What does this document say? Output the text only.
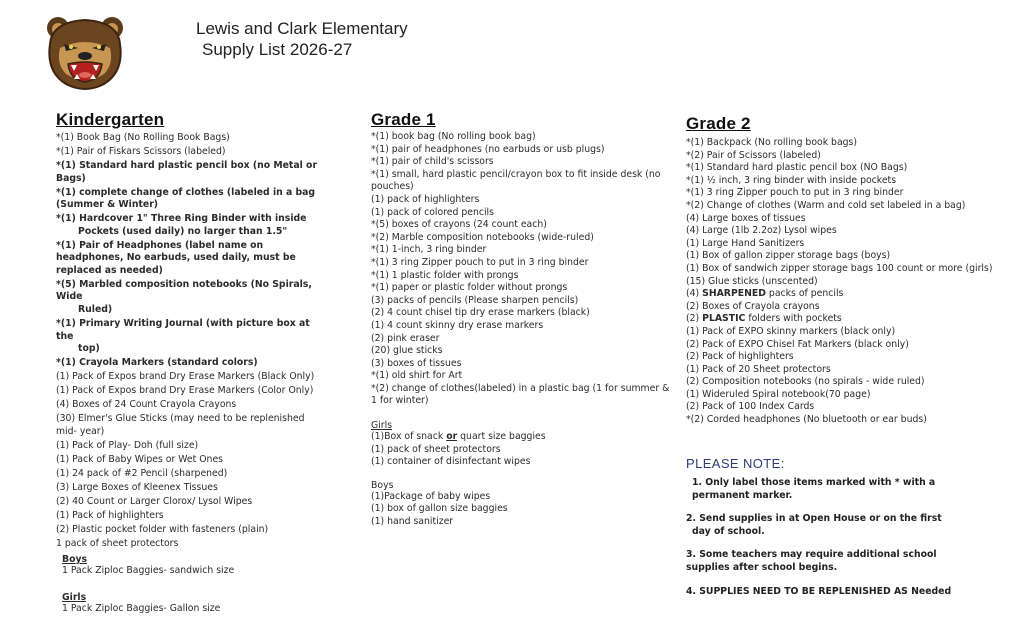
Lewis and Clark Elementary
Supply List 2026-27
Kindergarten
*(1) Book Bag (No Rolling Book Bags)
*(1) Pair of Fiskars Scissors (labeled)
*(1) Standard hard plastic pencil box (no Metal or Bags)
*(1) complete change of clothes (labeled in a bag (Summer & Winter)
*(1) Hardcover 1" Three Ring Binder with inside
Pockets (used daily) no larger than 1.5"
*(1) Pair of Headphones (label name on headphones, No earbuds, used daily, must be replaced as needed)
*(5) Marbled composition notebooks (No Spirals, Wide
Ruled)
*(1) Primary Writing Journal (with picture box at the
top)
*(1) Crayola Markers (standard colors)
(1) Pack of Expos brand Dry Erase Markers (Black Only)
(1) Pack of Expos brand Dry Erase Markers (Color Only)
(4) Boxes of 24 Count Crayola Crayons
(30) Elmer's Glue Sticks (may need to be replenished mid- year)
(1) Pack of Play- Doh (full size)
(1) Pack of Baby Wipes or Wet Ones
(1) 24 pack of #2 Pencil (sharpened)
(3) Large Boxes of Kleenex Tissues
(2) 40 Count or Larger Clorox/ Lysol Wipes
(1) Pack of highlighters
(2) Plastic pocket folder with fasteners (plain)
1 pack of sheet protectors
Boys
1 Pack Ziploc Baggies- sandwich size
Girls
1 Pack Ziploc Baggies- Gallon size
Grade 1
*(1) book bag (No rolling book bag)
*(1) pair of headphones (no earbuds or usb plugs)
*(1) pair of child's scissors
*(1) small, hard plastic pencil/crayon box to fit inside desk (no pouches)
(1) pack of highlighters
(1) pack of colored pencils
*(5) boxes of crayons (24 count each)
*(2) Marble composition notebooks (wide-ruled)
*(1) 1-inch, 3 ring binder
*(1) 3 ring Zipper pouch to put in 3 ring binder
*(1) 1 plastic folder with prongs
*(1) paper or plastic folder without prongs
(3) packs of pencils (Please sharpen pencils)
(2) 4 count chisel tip dry erase markers (black)
(1) 4 count skinny dry erase markers
(2) pink eraser
(20) glue sticks
(3) boxes of tissues
*(1) old shirt for Art
*(2) change of clothes(labeled) in a plastic bag (1 for summer & 1 for winter)
Girls
(1)Box of snack or quart size baggies
(1) pack of sheet protectors
(1) container of disinfectant wipes
Boys
(1)Package of baby wipes
(1) box of gallon size baggies
(1) hand sanitizer
Grade 2
*(1) Backpack (No rolling book bags)
*(2) Pair of Scissors (labeled)
*(1) Standard hard plastic pencil box (NO Bags)
*(1) ½ inch, 3 ring binder with inside pockets
*(1) 3 ring Zipper pouch to put in 3 ring binder
*(2) Change of clothes (Warm and cold set labeled in a bag)
(4) Large boxes of tissues
(4) Large (1lb 2.2oz) Lysol wipes
(1) Large Hand Sanitizers
(1) Box of gallon zipper storage bags (boys)
(1) Box of sandwich zipper storage bags 100 count or more (girls)
(15) Glue sticks (unscented)
(4) SHARPENED packs of pencils
(2) Boxes of Crayola crayons
(2) PLASTIC folders with pockets
(1) Pack of EXPO skinny markers (black only)
(2) Pack of EXPO Chisel Fat Markers (black only)
(2) Pack of highlighters
(1) Pack of 20 Sheet protectors
(2) Composition notebooks (no spirals - wide ruled)
(1) Wideruled Spiral notebook(70 page)
(2) Pack of 100 Index Cards
*(2) Corded headphones (No bluetooth or ear buds)
PLEASE NOTE:

1. Only label those items marked with * with a
permanent marker.

2. Send supplies in at Open House or on the first
day of school.

3. Some teachers may require additional school
supplies after school begins.

4. SUPPLIES NEED TO BE REPLENISHED AS Needed
